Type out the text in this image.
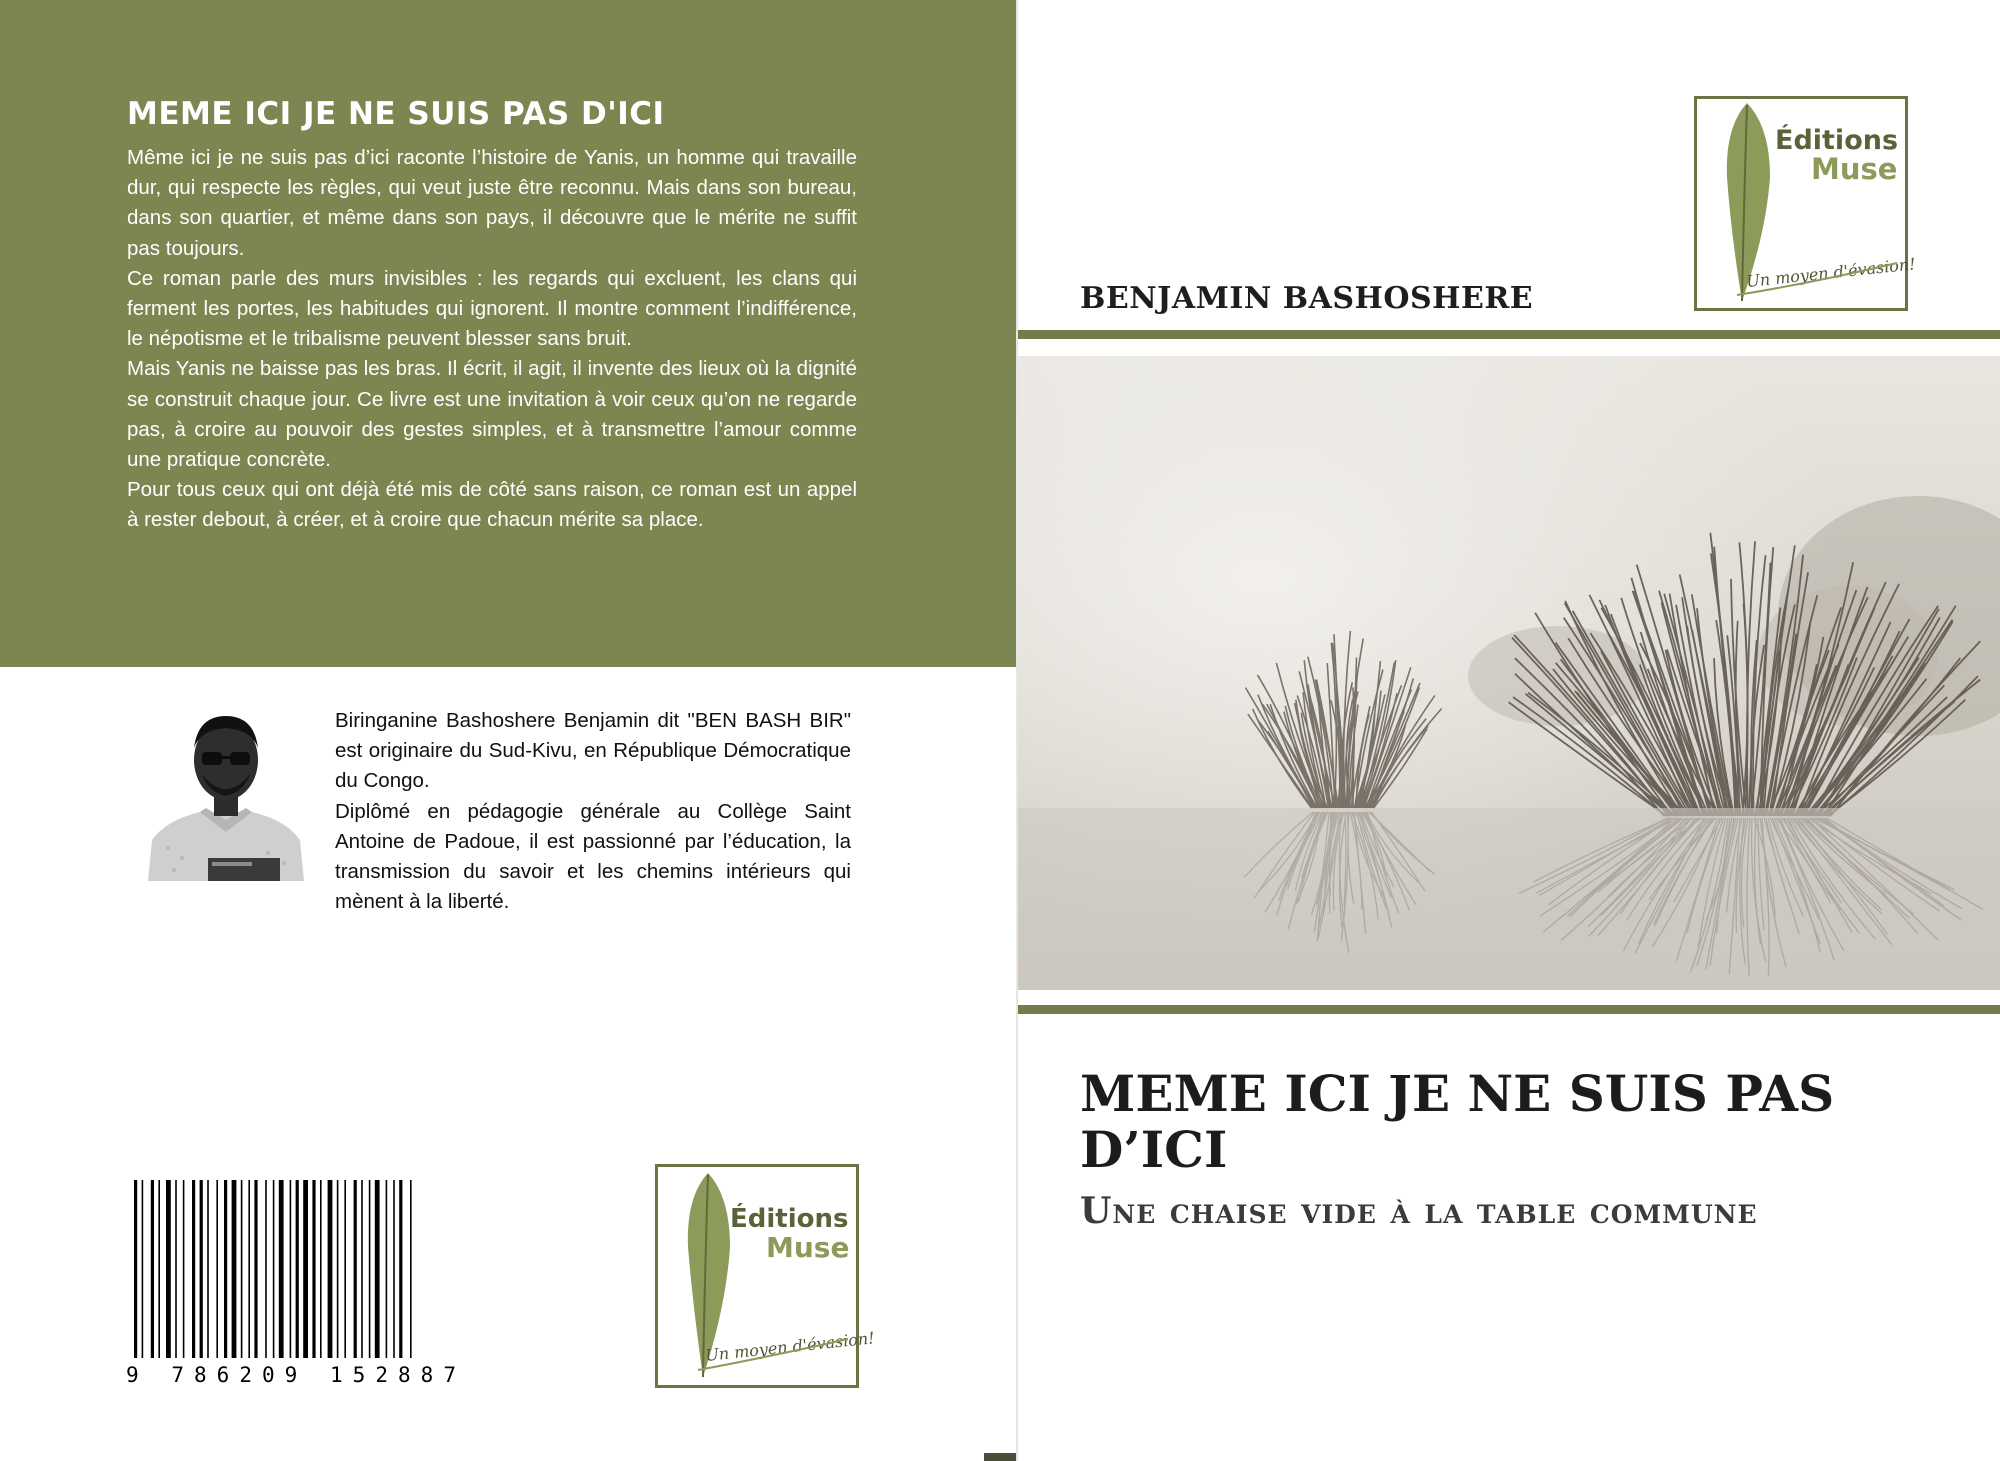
MEME ICI JE NE SUIS PAS D'ICI

Même ici je ne suis pas d’ici raconte l’histoire de Yanis, un homme qui travaille dur, qui respecte les règles, qui veut juste être reconnu. Mais dans son bureau, dans son quartier, et même dans son pays, il découvre que le mérite ne suffit pas toujours.

Ce roman parle des murs invisibles : les regards qui excluent, les clans qui ferment les portes, les habitudes qui ignorent. Il montre comment l’indifférence, le népotisme et le tribalisme peuvent blesser sans bruit.

Mais Yanis ne baisse pas les bras. Il écrit, il agit, il invente des lieux où la dignité se construit chaque jour. Ce livre est une invitation à voir ceux qu’on ne regarde pas, à croire au pouvoir des gestes simples, et à transmettre l’amour comme une pratique concrète.

Pour tous ceux qui ont déjà été mis de côté sans raison, ce roman est un appel à rester debout, à créer, et à croire que chacun mérite sa place.

Biringanine Bashoshere Benjamin dit "BEN BASH BIR" est originaire du Sud-Kivu, en République Démocratique du Congo.

Diplômé en pédagogie générale au Collège Saint Antoine de Padoue, il est passionné par l’éducation, la transmission du savoir et les chemins intérieurs qui mènent à la liberté.

9 786209 152887
Éditions
Muse
Un moyen d'évasion!
Éditions
Muse
Un moyen d'évasion!
BENJAMIN BASHOSHERE
MEME ICI JE NE SUIS PAS D’ICI
Une chaise vide à la table commune
